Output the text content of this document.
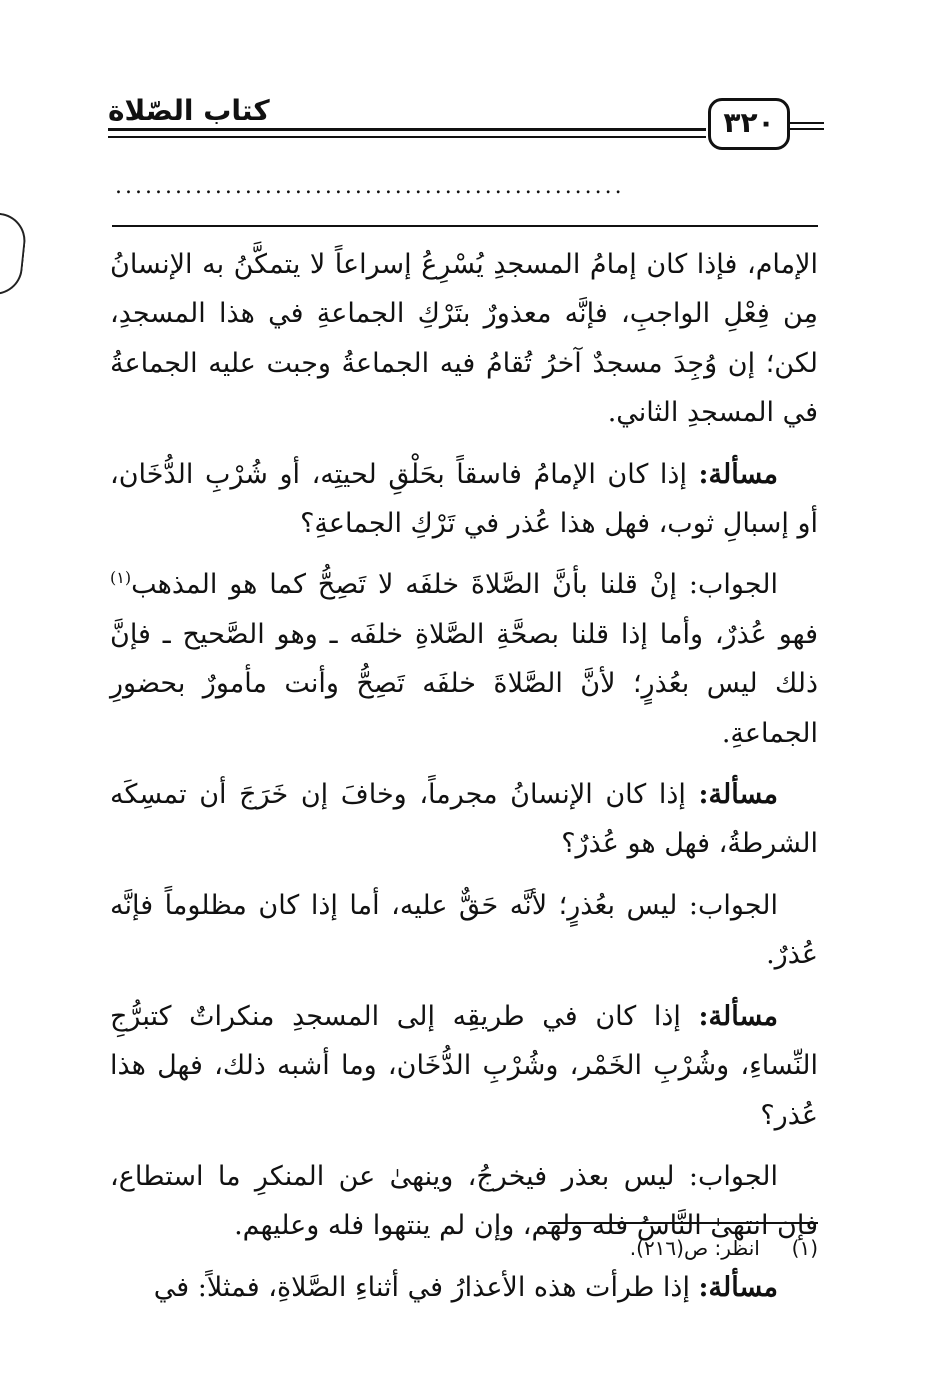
كتاب الصّلاة	٣٢٠
...................................................

الإمام، فإذا كان إمامُ المسجدِ يُسْرِعُ إسراعاً لا يتمكَّنُ به الإنسانُ مِن فِعْلِ الواجبِ، فإنَّه معذورٌ بتَرْكِ الجماعةِ في هذا المسجدِ، لكن؛ إن وُجِدَ مسجدٌ آخرُ تُقامُ فيه الجماعةُ وجبت عليه الجماعةُ في المسجدِ الثاني.

مسألة: إذا كان الإمامُ فاسقاً بحَلْقِ لحيتِه، أو شُرْبِ الدُّخَان، أو إسبالِ ثوب، فهل هذا عُذر في تَرْكِ الجماعةِ؟

الجواب: إنْ قلنا بأنَّ الصَّلاةَ خلفَه لا تَصِحُّ كما هو المذهب$^{(١)}$ فهو عُذرٌ، وأما إذا قلنا بصحَّةِ الصَّلاةِ خلفَه ـ وهو الصَّحيح ـ فإنَّ ذلك ليس بعُذرٍ؛ لأنَّ الصَّلاةَ خلفَه تَصِحُّ وأنت مأمورٌ بحضورِ الجماعةِ.

مسألة: إذا كان الإنسانُ مجرماً، وخافَ إن خَرَجَ أن تمسِكَه الشرطةُ، فهل هو عُذرٌ؟

الجواب: ليس بعُذرٍ؛ لأنَّه حَقٌّ عليه، أما إذا كان مظلوماً فإنَّه عُذرٌ.

مسألة: إذا كان في طريقِه إلى المسجدِ منكراتٌ كتبرُّجِ النِّساءِ، وشُرْبِ الخَمْر، وشُرْبِ الدُّخَان، وما أشبه ذلك، فهل هذا عُذر؟

الجواب: ليس بعذر فيخرجُ، وينهىٰ عن المنكرِ ما استطاع، فإن انتهىٰ النَّاسُ فله ولهم، وإن لم ينتهوا فله وعليهم.

مسألة: إذا طرأت هذه الأعذارُ في أثناءِ الصَّلاةِ، فمثلاً: في

(١)     انظر: ص(٢١٦).
